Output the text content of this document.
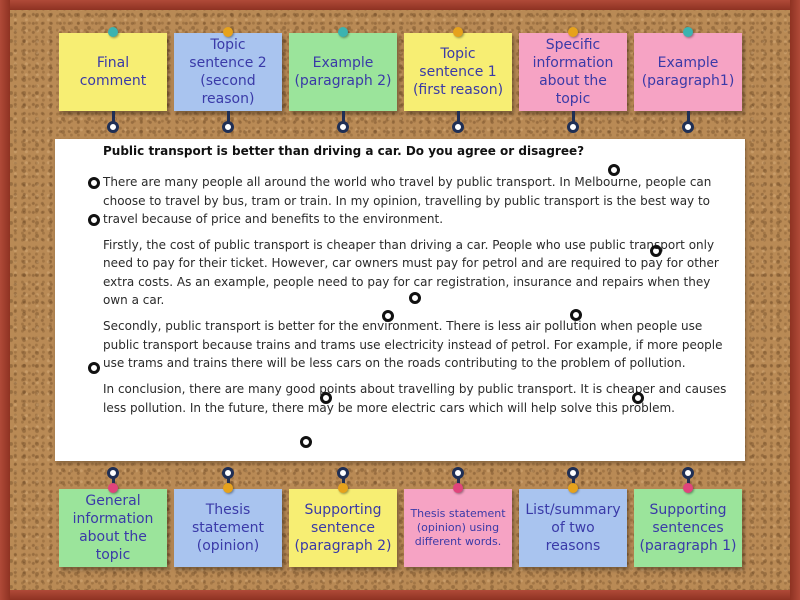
Final comment
Topic sentence 2 (second reason)
Example (paragraph 2)
Topic sentence 1 (first reason)
Specific information about the topic
Example (paragraph1)
Public transport is better than driving a car. Do you agree or disagree?

There are many people all around the world who travel by public transport. In Melbourne, people can choose to travel by bus, tram or train. In my opinion, travelling by public transport is the best way to travel because of price and benefits to the environment.

Firstly, the cost of public transport is cheaper than driving a car. People who use public transport only need to pay for their ticket. However, car owners must pay for petrol and are required to pay for other extra costs. As an example, people need to pay for car registration, insurance and repairs when they own a car.

Secondly, public transport is better for the environment. There is less air pollution when people use public transport because trains and trams use electricity instead of petrol. For example, if more people use trams and trains there will be less cars on the roads contributing to the problem of pollution.

In conclusion, there are many good points about travelling by public transport. It is cheaper and causes less pollution. In the future, there may be more electric cars which will help solve this problem.

General information about the topic
Thesis statement (opinion)
Supporting sentence (paragraph 2)
Thesis statement (opinion) using different words.
List/summary of two reasons
Supporting sentences (paragraph 1)
